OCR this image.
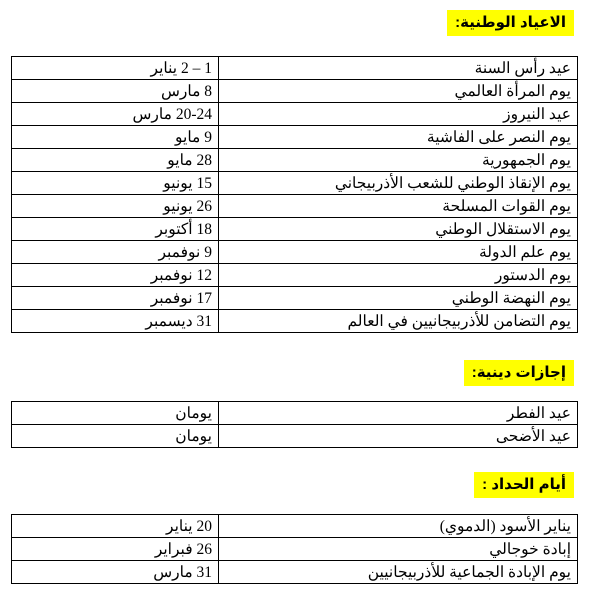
الاعياد الوطنية:
عيد رأس السنة	1 – 2 يناير
يوم المرأة العالمي	8 مارس
عيد النيروز	20-24 مارس
يوم النصر على الفاشية	9 مايو
يوم الجمهورية	28 مايو
يوم الإنقاذ الوطني للشعب الأذربيجاني	15 يونيو
يوم القوات المسلحة	26 يونيو
يوم الاستقلال الوطني	18 أكتوبر
يوم علم الدولة	9 نوفمبر
يوم الدستور	12 نوفمبر
يوم النهضة الوطني	17 نوفمبر
يوم التضامن للأذربيجانيين في العالم	31 ديسمبر
إجازات دينية:
عيد الفطر	يومان
عيد الأضحى	يومان
أيام الحداد :
يناير الأسود (الدموي)	20 يناير
إبادة خوجالي	26 فبراير
يوم الإبادة الجماعية للأذربيجانيين	31 مارس
